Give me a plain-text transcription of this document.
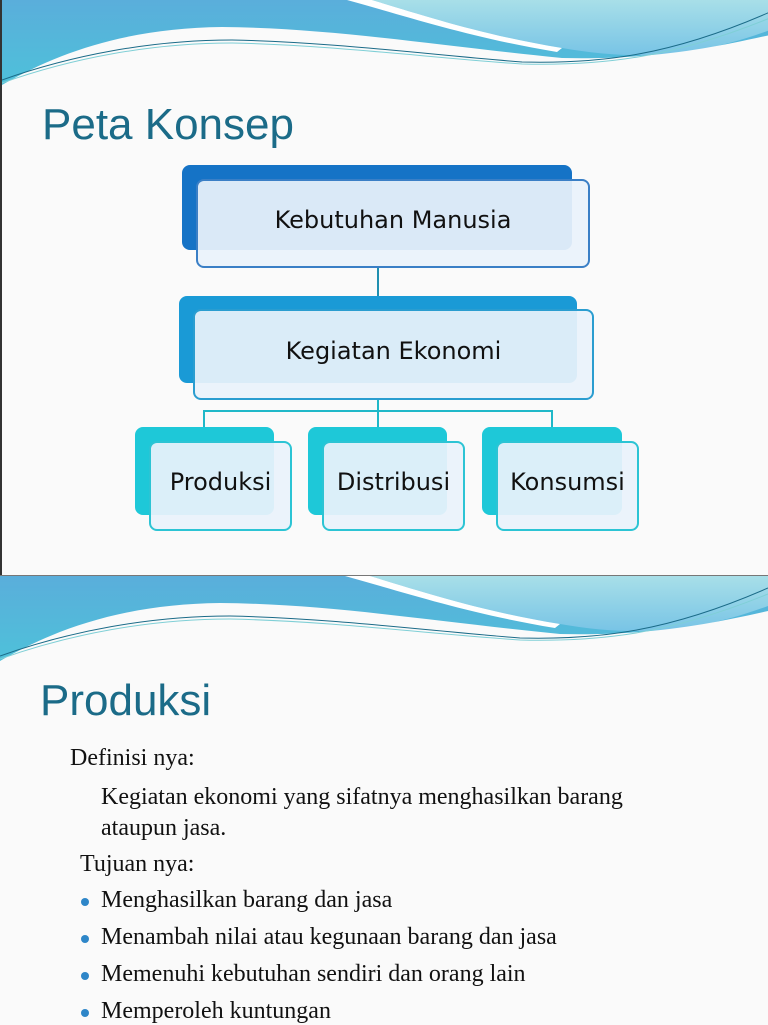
Peta Konsep
Kebutuhan Manusia
Kegiatan Ekonomi
Produksi	Distribusi	Konsumsi
Produksi
Definisi nya:
Kegiatan ekonomi yang sifatnya menghasilkan barang
ataupun jasa.
Tujuan nya:
Menghasilkan barang dan jasa
Menambah nilai atau kegunaan barang dan jasa
Memenuhi kebutuhan sendiri dan orang lain
Memperoleh kuntungan
